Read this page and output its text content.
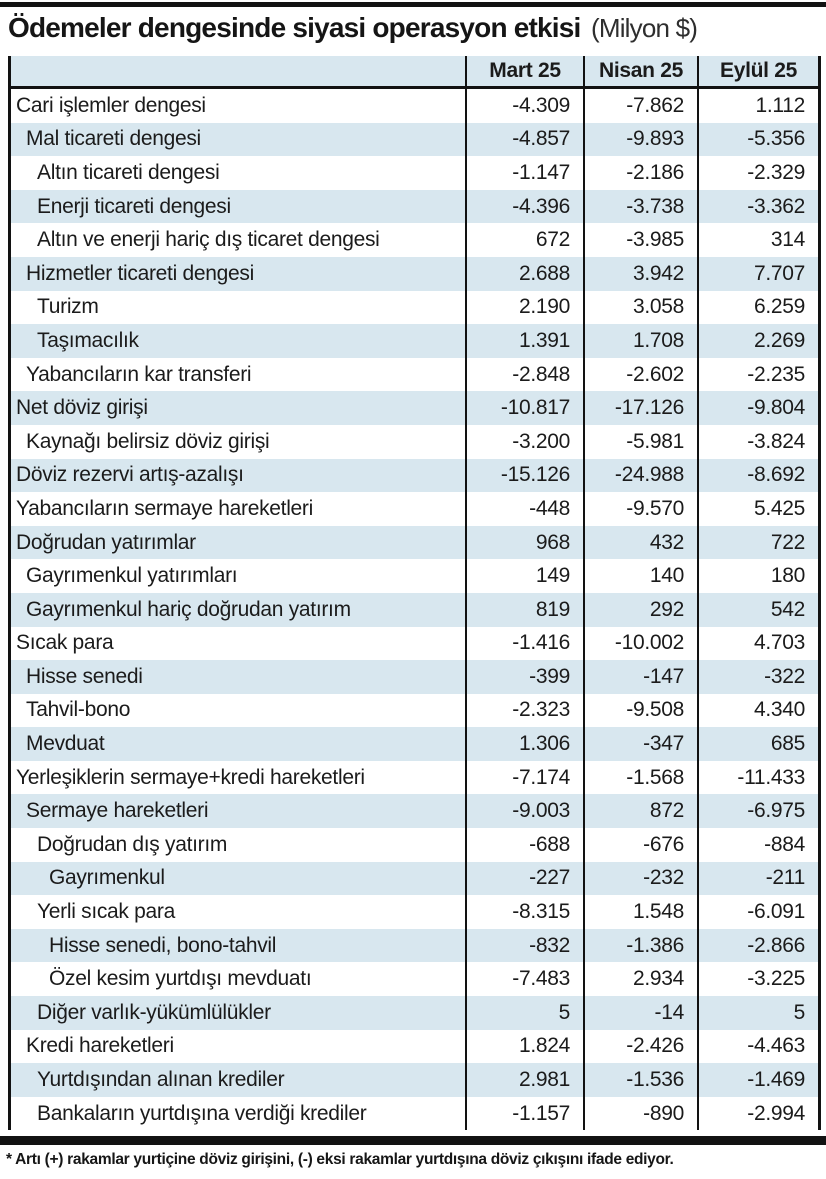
Ödemeler dengesinde siyasi operasyon etkisi (Milyon $)
Mart 25	Nisan 25	Eylül 25
Cari işlemler dengesi	-4.309	-7.862	1.112
Mal ticareti dengesi	-4.857	-9.893	-5.356
Altın ticareti dengesi	-1.147	-2.186	-2.329
Enerji ticareti dengesi	-4.396	-3.738	-3.362
Altın ve enerji hariç dış ticaret dengesi	672	-3.985	314
Hizmetler ticareti dengesi	2.688	3.942	7.707
Turizm	2.190	3.058	6.259
Taşımacılık	1.391	1.708	2.269
Yabancıların kar transferi	-2.848	-2.602	-2.235
Net döviz girişi	-10.817	-17.126	-9.804
Kaynağı belirsiz döviz girişi	-3.200	-5.981	-3.824
Döviz rezervi artış-azalışı	-15.126	-24.988	-8.692
Yabancıların sermaye hareketleri	-448	-9.570	5.425
Doğrudan yatırımlar	968	432	722
Gayrımenkul yatırımları	149	140	180
Gayrımenkul hariç doğrudan yatırım	819	292	542
Sıcak para	-1.416	-10.002	4.703
Hisse senedi	-399	-147	-322
Tahvil-bono	-2.323	-9.508	4.340
Mevduat	1.306	-347	685
Yerleşiklerin sermaye+kredi hareketleri	-7.174	-1.568	-11.433
Sermaye hareketleri	-9.003	872	-6.975
Doğrudan dış yatırım	-688	-676	-884
Gayrımenkul	-227	-232	-211
Yerli sıcak para	-8.315	1.548	-6.091
Hisse senedi, bono-tahvil	-832	-1.386	-2.866
Özel kesim yurtdışı mevduatı	-7.483	2.934	-3.225
Diğer varlık-yükümlülükler	5	-14	5
Kredi hareketleri	1.824	-2.426	-4.463
Yurtdışından alınan krediler	2.981	-1.536	-1.469
Bankaların yurtdışına verdiği krediler	-1.157	-890	-2.994
* Artı (+) rakamlar yurtiçine döviz girişini, (-) eksi rakamlar yurtdışına döviz çıkışını ifade ediyor.
